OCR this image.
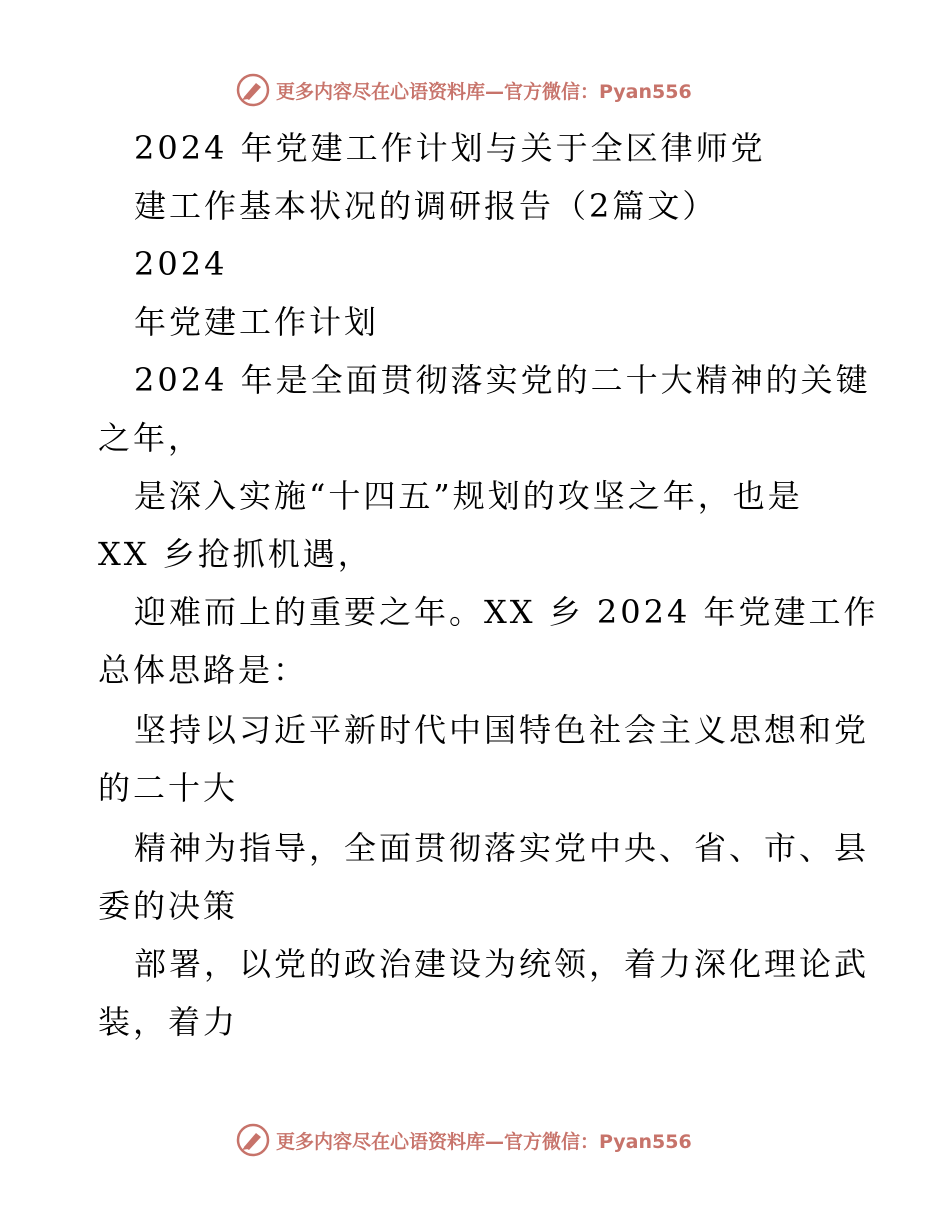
更多内容尽在心语资料库—官方微信：Pyan556
2024 年党建工作计划与关于全区律师党
建工作基本状况的调研报告（2篇文）
2024
年党建工作计划
2024 年是全面贯彻落实党的二十大精神的关键
之年，
是深入实施“十四五”规划的攻坚之年，也是
XX 乡抢抓机遇，
迎难而上的重要之年。XX 乡 2024 年党建工作
总体思路是：
坚持以习近平新时代中国特色社会主义思想和党
的二十大
精神为指导，全面贯彻落实党中央、省、市、县
委的决策
部署，以党的政治建设为统领，着力深化理论武
装，着力
更多内容尽在心语资料库—官方微信：Pyan556
